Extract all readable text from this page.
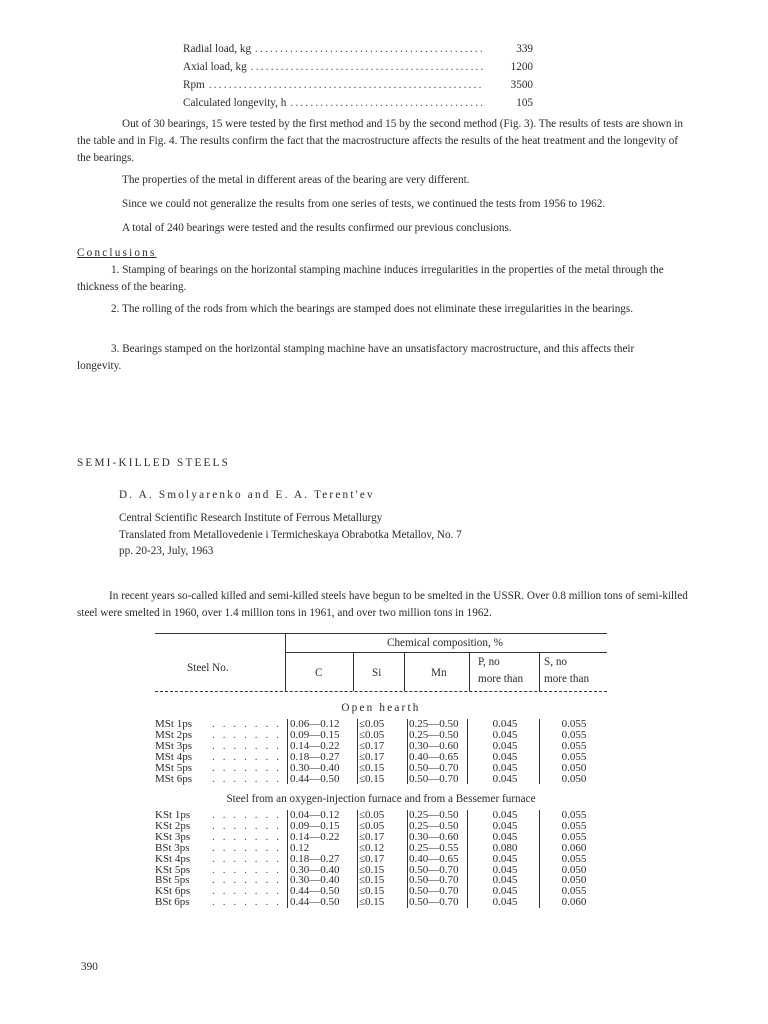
Radial load, kg .....	339
Axial load, kg .....	1200
Rpm .....	3500
Calculated longevity, h .....	105

Out of 30 bearings, 15 were tested by the first method and 15 by the second method (Fig. 3). The results of tests are shown in the table and in Fig. 4. The results confirm the fact that the macrostructure affects the results of the heat treatment and the longevity of the bearings.

The properties of the metal in different areas of the bearing are very different.

Since we could not generalize the results from one series of tests, we continued the tests from 1956 to 1962.

A total of 240 bearings were tested and the results confirmed our previous conclusions.

Conclusions

1. Stamping of bearings on the horizontal stamping machine induces irregularities in the properties of the metal through the thickness of the bearing.

2. The rolling of the rods from which the bearings are stamped does not eliminate these irregularities in the bearings.

3. Bearings stamped on the horizontal stamping machine have an unsatisfactory macrostructure, and this affects their longevity.

SEMI-KILLED STEELS
D. A. Smolyarenko and E. A. Terent'ev
Central Scientific Research Institute of Ferrous Metallurgy
Translated from Metallovedenie i Termicheskaya Obrabotka Metallov, No. 7
pp. 20-23, July, 1963

In recent years so-called killed and semi-killed steels have begun to be smelted in the USSR. Over 0.8 million tons of semi-killed steel were smelted in 1960, over 1.4 million tons in 1961, and over two million tons in 1962.

Steel No.
Chemical composition, %
C	Si	Mn
P, no
more than
S, no
more than
Open hearth
MSt 1ps . . . . . . . 0.06—0.12 ≤0.05 0.25—0.50	0.045	0.055
MSt 2ps . . . . . . . 0.09—0.15 ≤0.05 0.25—0.50	0.045	0.055
MSt 3ps . . . . . . . 0.14—0.22 ≤0.17 0.30—0.60	0.045	0.055
MSt 4ps . . . . . . . 0.18—0.27 ≤0.17 0.40—0.65	0.045	0.055
MSt 5ps . . . . . . . 0.30—0.40 ≤0.15 0.50—0.70	0.045	0.050
MSt 6ps . . . . . . . 0.44—0.50 ≤0.15 0.50—0.70	0.045	0.050
Steel from an oxygen-injection furnace and from a Bessemer furnace
KSt 1ps . . . . . . . 0.04—0.12 ≤0.05 0.25—0.50	0.045	0.055
KSt 2ps . . . . . . . 0.09—0.15 ≤0.05 0.25—0.50	0.045	0.055
KSt 3ps . . . . . . . 0.14—0.22 ≤0.17 0.30—0.60	0.045	0.055
BSt 3ps . . . . . . . 0.12	≤0.12 0.25—0.55	0.080	0.060
KSt 4ps . . . . . . . 0.18—0.27 ≤0.17 0.40—0.65	0.045	0.055
KSt 5ps . . . . . . . 0.30—0.40 ≤0.15 0.50—0.70	0.045	0.050
BSt 5ps . . . . . . . 0.30—0.40 ≤0.15 0.50—0.70	0.045	0.050
KSt 6ps . . . . . . . 0.44—0.50 ≤0.15 0.50—0.70	0.045	0.055
BSt 6ps . . . . . . . 0.44—0.50 ≤0.15 0.50—0.70	0.045	0.060
390
